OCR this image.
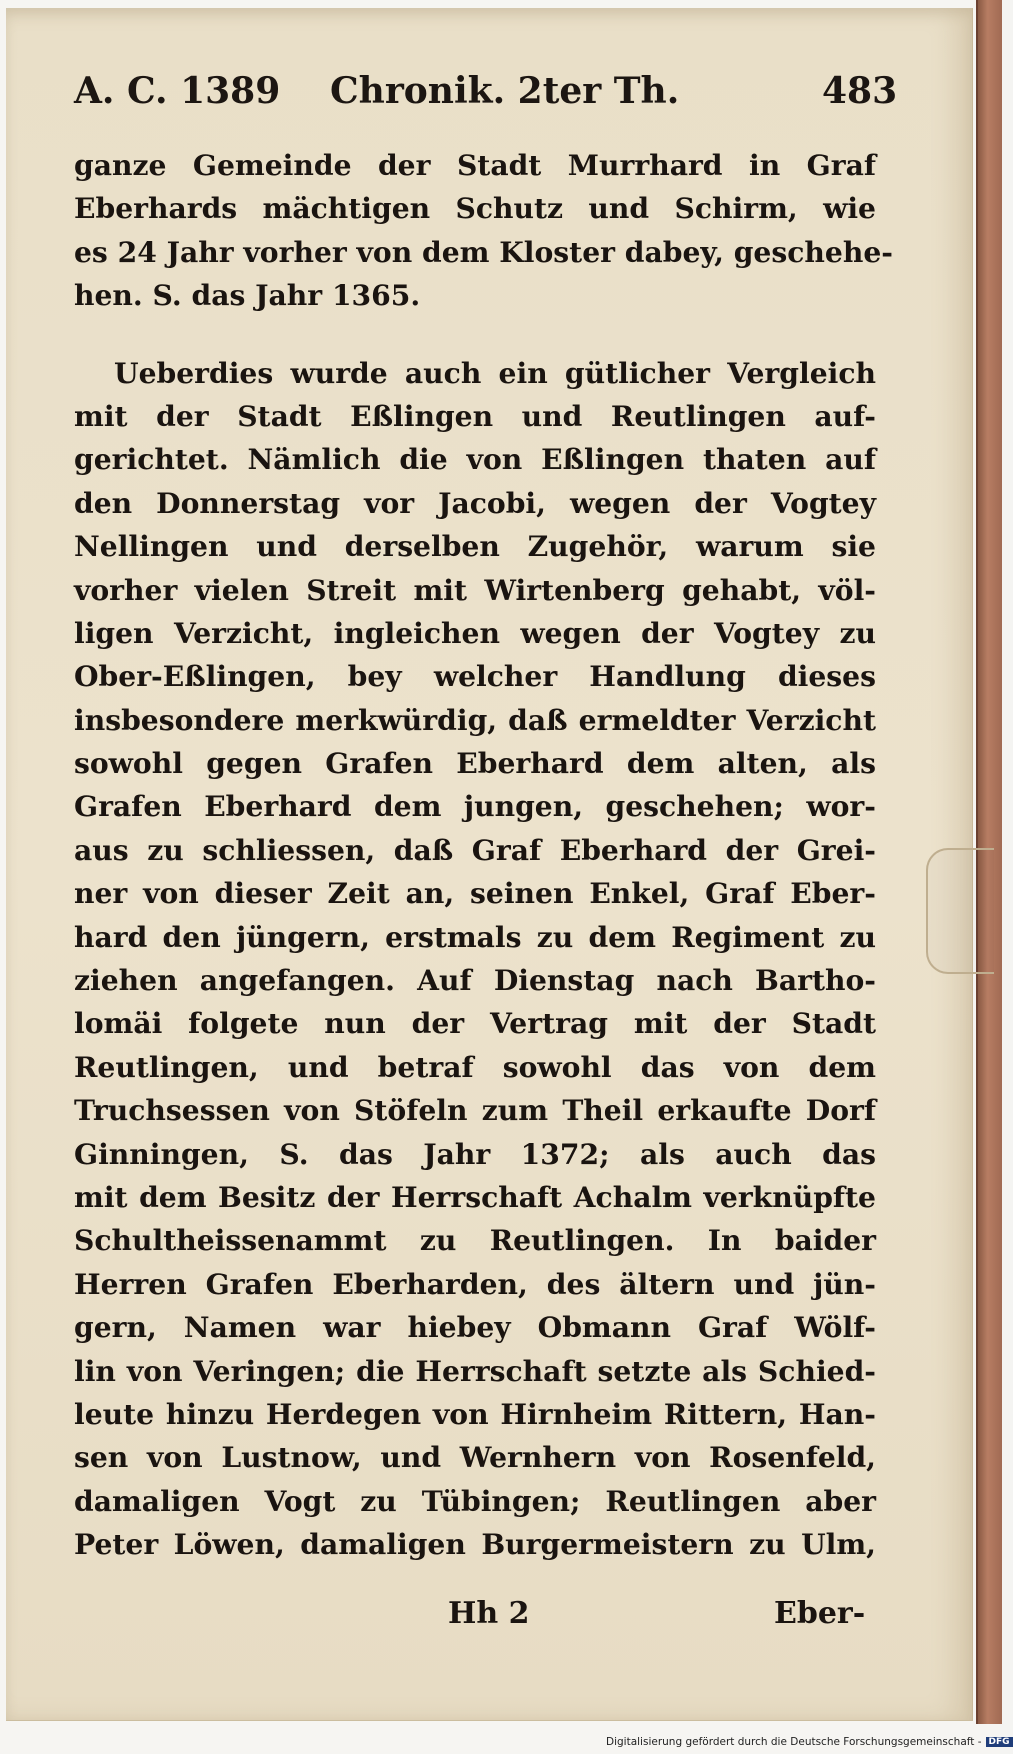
A. C. 1389 Chronik. 2ter Th.	483
ganze Gemeinde der Stadt Murrhard in Graf
Eberhards mächtigen Schutz und Schirm, wie
es 24 Jahr vorher von dem Kloster dabey, geschehe-
hen. S. das Jahr 1365.
Ueberdies wurde auch ein gütlicher Vergleich
mit der Stadt Eßlingen und Reutlingen auf-
gerichtet. Nämlich die von Eßlingen thaten auf
den Donnerstag vor Jacobi, wegen der Vogtey
Nellingen und derselben Zugehör, warum sie
vorher vielen Streit mit Wirtenberg gehabt, völ-
ligen Verzicht, ingleichen wegen der Vogtey zu
Ober-Eßlingen, bey welcher Handlung dieses
insbesondere merkwürdig, daß ermeldter Verzicht
sowohl gegen Grafen Eberhard dem alten, als
Grafen Eberhard dem jungen, geschehen; wor-
aus zu schliessen, daß Graf Eberhard der Grei-
ner von dieser Zeit an, seinen Enkel, Graf Eber-
hard den jüngern, erstmals zu dem Regiment zu
ziehen angefangen. Auf Dienstag nach Bartho-
lomäi folgete nun der Vertrag mit der Stadt
Reutlingen, und betraf sowohl das von dem
Truchsessen von Stöfeln zum Theil erkaufte Dorf
Ginningen, S. das Jahr 1372; als auch das
mit dem Besitz der Herrschaft Achalm verknüpfte
Schultheissenammt zu Reutlingen. In baider
Herren Grafen Eberharden, des ältern und jün-
gern, Namen war hiebey Obmann Graf Wölf-
lin von Veringen; die Herrschaft setzte als Schied-
leute hinzu Herdegen von Hirnheim Rittern, Han-
sen von Lustnow, und Wernhern von Rosenfeld,
damaligen Vogt zu Tübingen; Reutlingen aber
Peter Löwen, damaligen Burgermeistern zu Ulm,
Hh 2	Eber-
Digitalisierung gefördert durch die Deutsche Forschungsgemeinschaft - DFG
